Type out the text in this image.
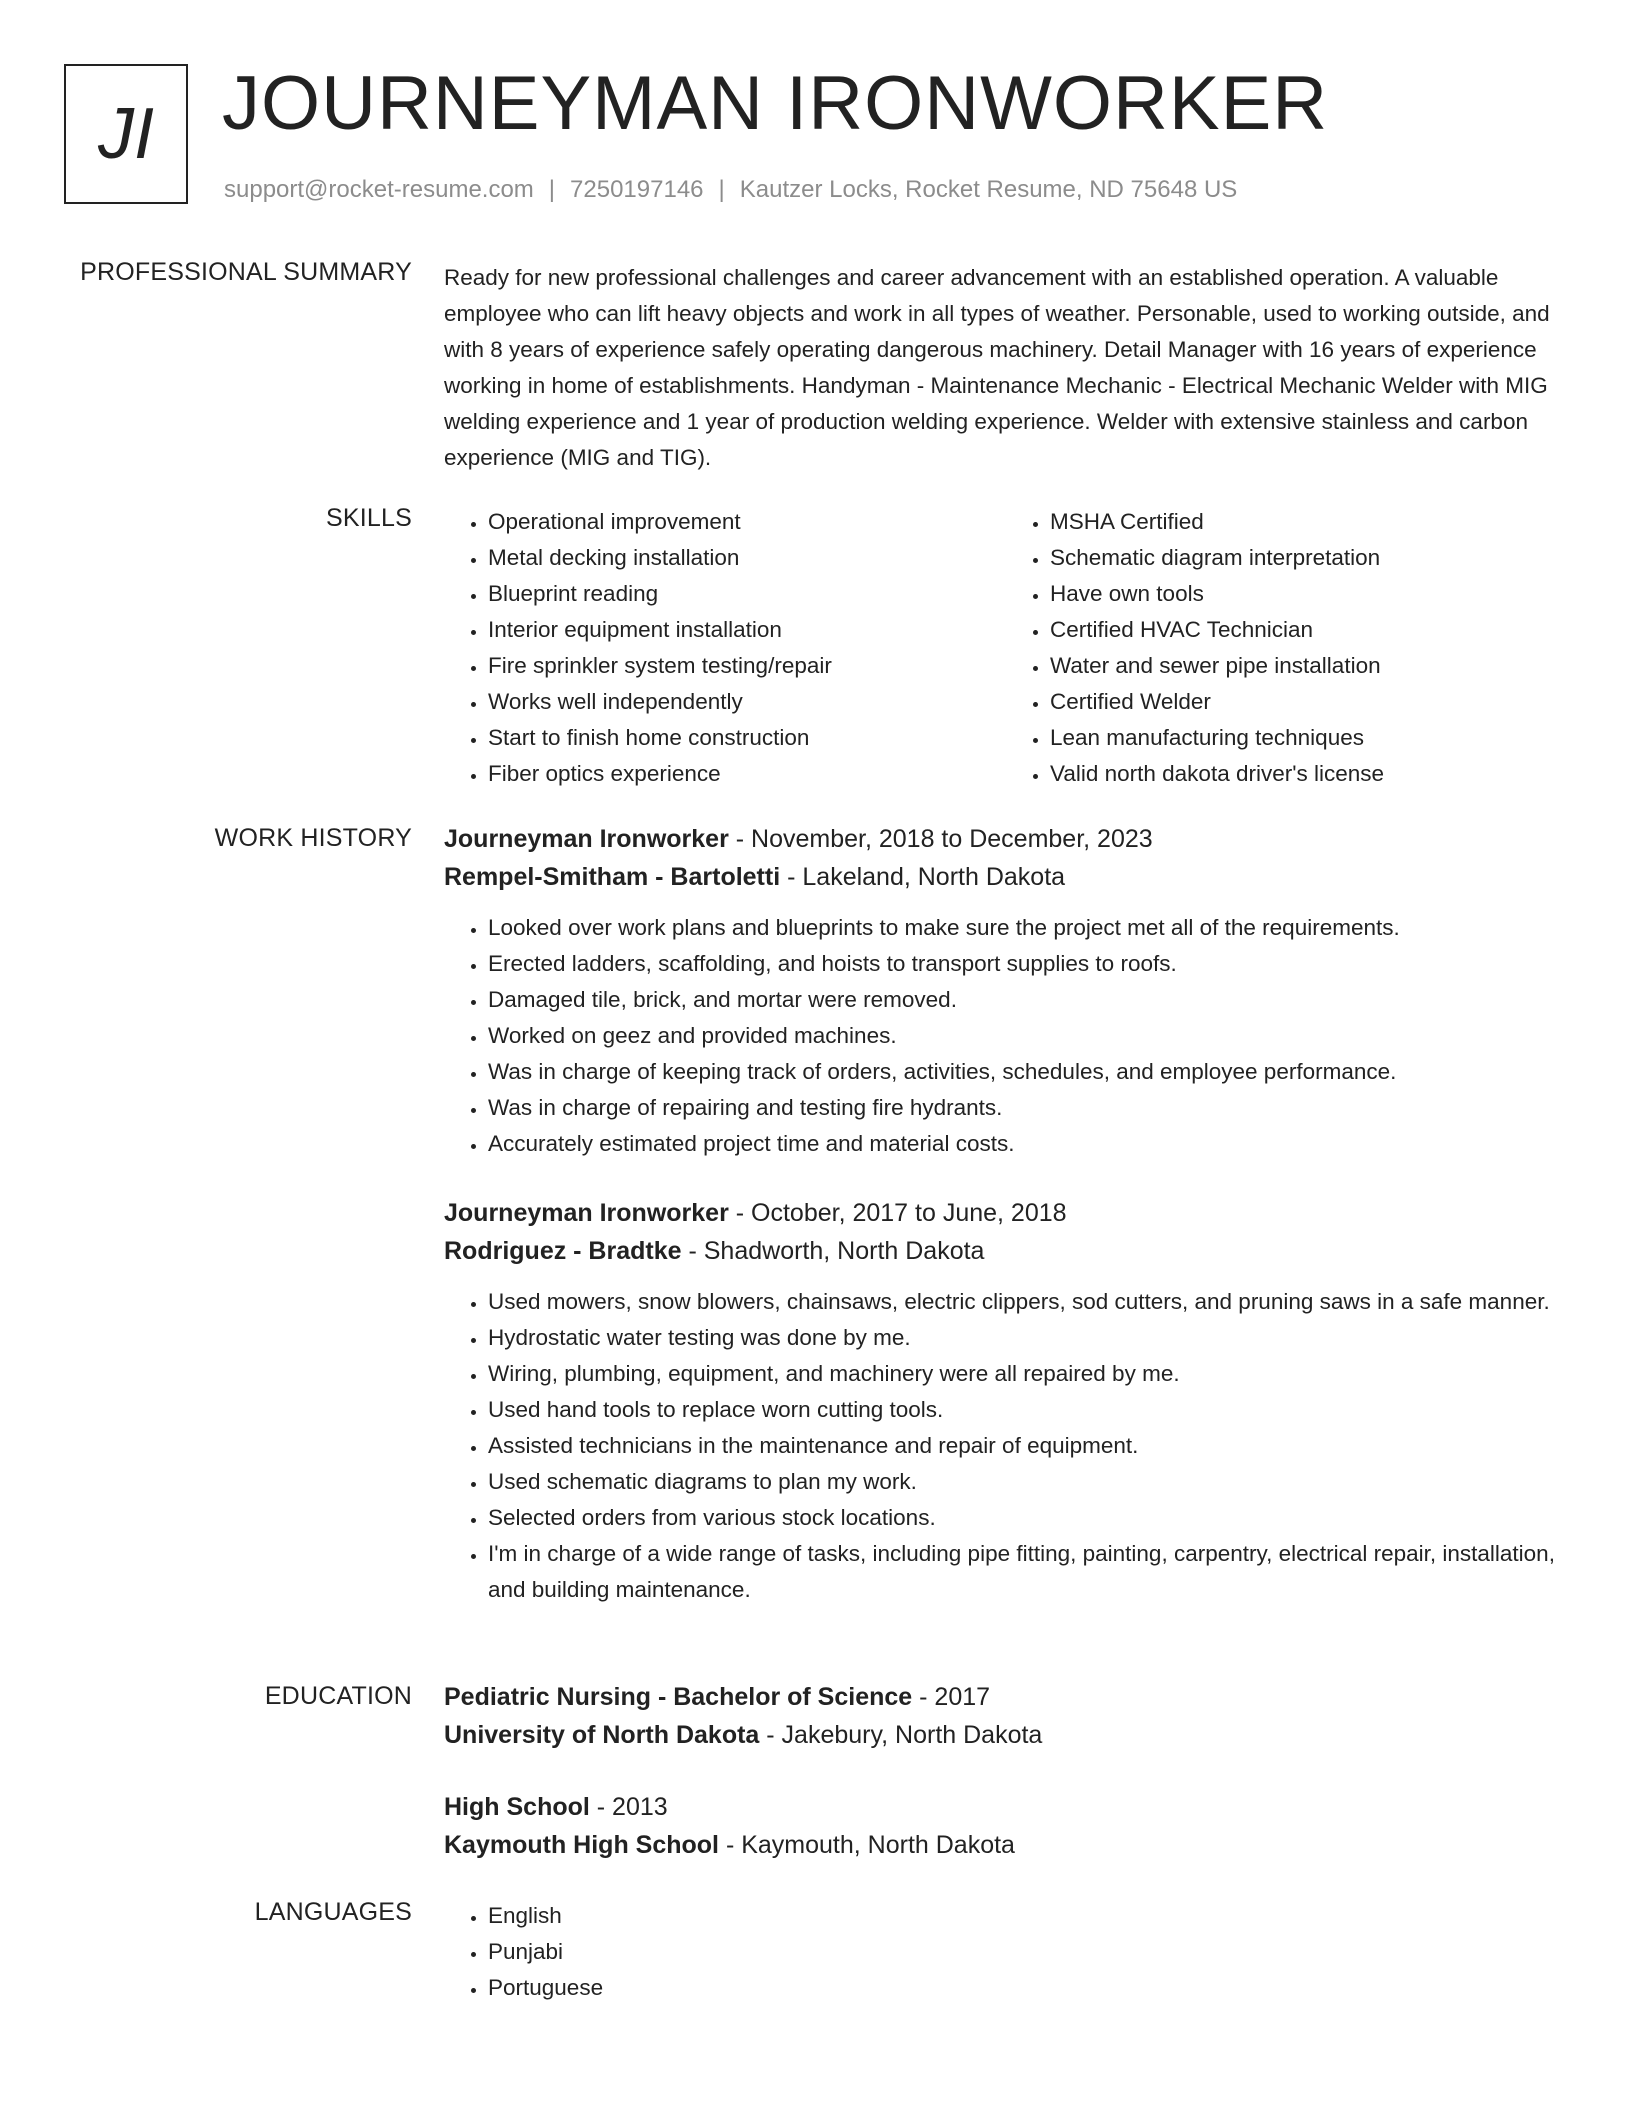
JI JOURNEYMAN IRONWORKER
support@rocket-resume.com | 7250197146 | Kautzer Locks, Rocket Resume, ND 75648 US
PROFESSIONAL SUMMARY Ready for new professional challenges and career advancement with an established operation. A valuable employee who can lift heavy objects and work in all types of weather. Personable, used to working outside, and with 8 years of experience safely operating dangerous machinery. Detail Manager with 16 years of experience working in home of establishments. Handyman - Maintenance Mechanic - Electrical Mechanic Welder with MIG welding experience and 1 year of production welding experience. Welder with extensive stainless and carbon experience (MIG and TIG).

SKILLS	• Operational improvement
• Metal decking installation
• Blueprint reading
• Interior equipment installation
• Fire sprinkler system testing/repair
• Works well independently
• Start to finish home construction
• Fiber optics experience
• MSHA Certified
• Schematic diagram interpretation
• Have own tools
• Certified HVAC Technician
• Water and sewer pipe installation
• Certified Welder
• Lean manufacturing techniques
• Valid north dakota driver's license
WORK HISTORY Journeyman Ironworker - November, 2018 to December, 2023
Rempel-Smitham - Bartoletti - Lakeland, North Dakota
• Looked over work plans and blueprints to make sure the project met all of the requirements.
• Erected ladders, scaffolding, and hoists to transport supplies to roofs.
• Damaged tile, brick, and mortar were removed.
• Worked on geez and provided machines.
• Was in charge of keeping track of orders, activities, schedules, and employee performance.
• Was in charge of repairing and testing fire hydrants.
• Accurately estimated project time and material costs.
Journeyman Ironworker - October, 2017 to June, 2018
Rodriguez - Bradtke - Shadworth, North Dakota
• Used mowers, snow blowers, chainsaws, electric clippers, sod cutters, and pruning saws in a safe manner.
• Hydrostatic water testing was done by me.
• Wiring, plumbing, equipment, and machinery were all repaired by me.
• Used hand tools to replace worn cutting tools.
• Assisted technicians in the maintenance and repair of equipment.
• Used schematic diagrams to plan my work.
• Selected orders from various stock locations.
• I'm in charge of a wide range of tasks, including pipe fitting, painting, carpentry, electrical repair, installation, and building maintenance.
EDUCATION Pediatric Nursing - Bachelor of Science - 2017
University of North Dakota - Jakebury, North Dakota
High School - 2013
Kaymouth High School - Kaymouth, North Dakota
LANGUAGES	• English
• Punjabi
• Portuguese
